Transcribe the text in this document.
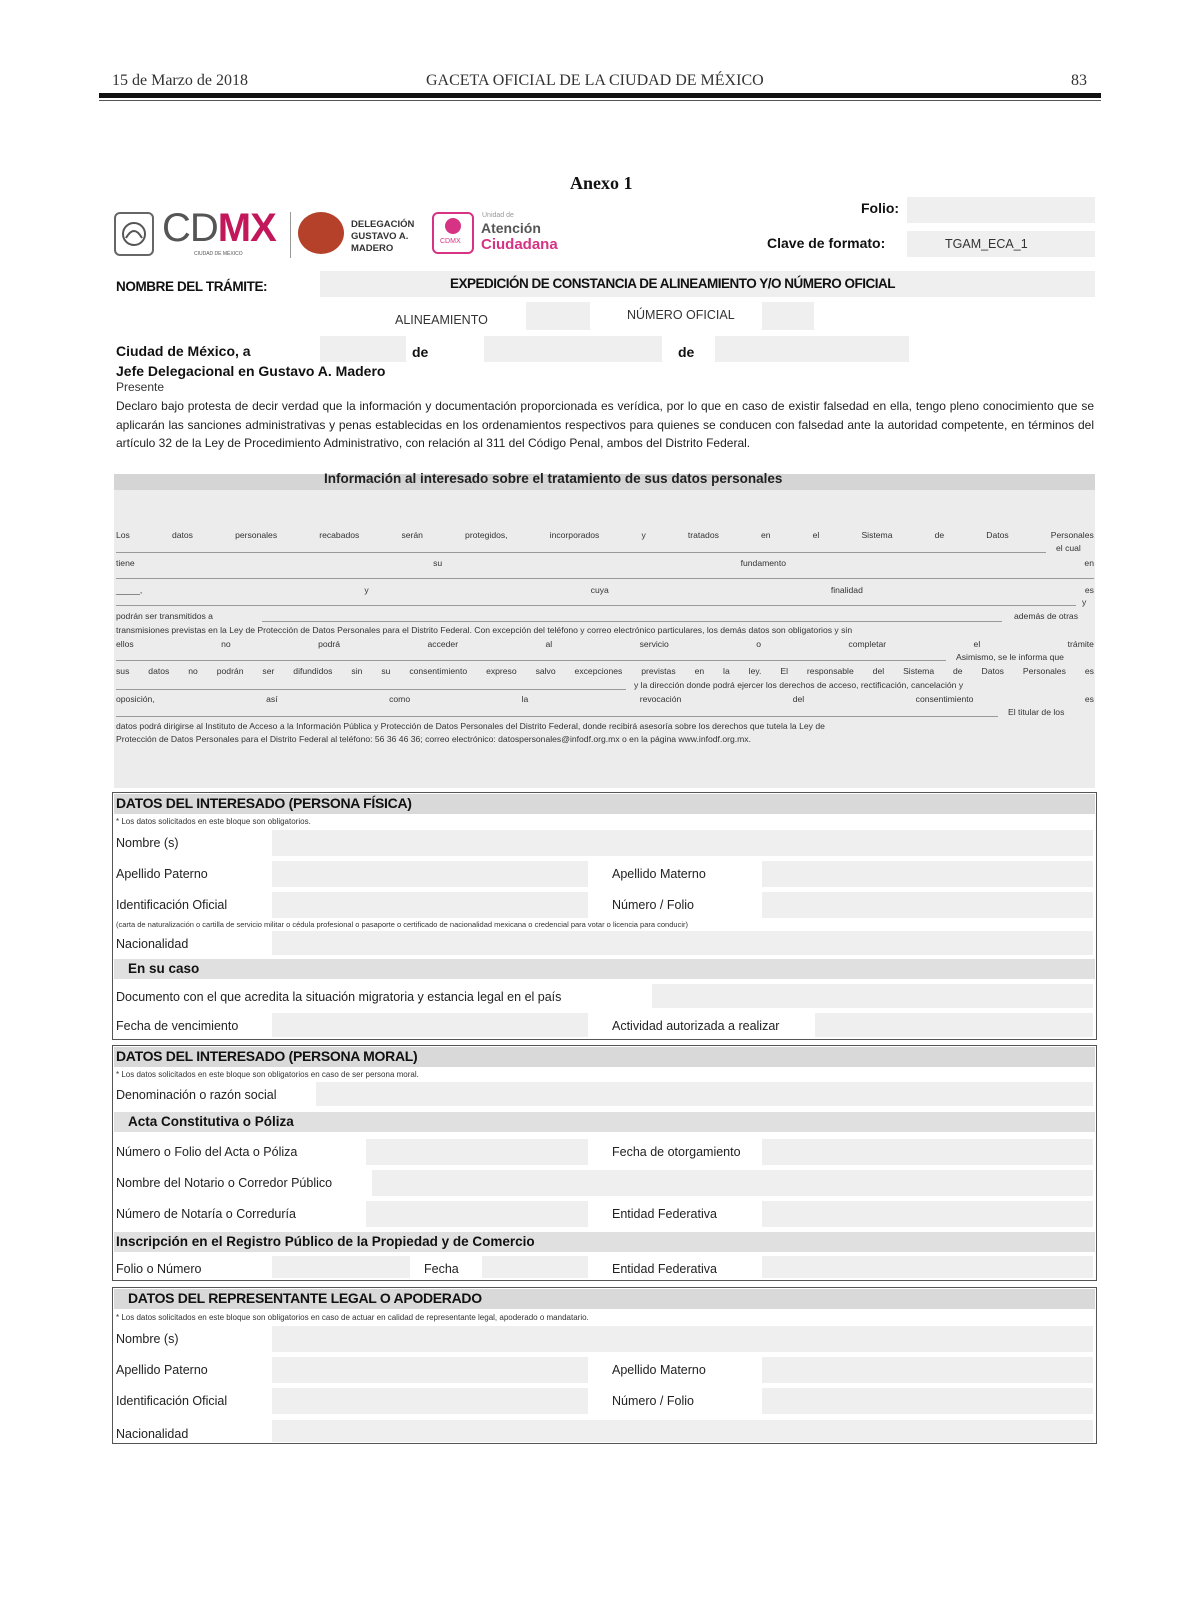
15 de Marzo de 2018	GACETA OFICIAL DE LA CIUDAD DE MÉXICO	83
Anexo 1
CDMX
CIUDAD DE MÉXICO
DELEGACIÓN
GUSTAVO A.
MADERO
CDMX
Unidad de
Atención
Ciudadana
Folio:
Clave de formato:	TGAM_ECA_1
NOMBRE DEL TRÁMITE:	EXPEDICIÓN DE CONSTANCIA DE ALINEAMIENTO Y/O NÚMERO OFICIAL
ALINEAMIENTO	NÚMERO OFICIAL
Ciudad de México, a	de	de
Jefe Delegacional en Gustavo A. Madero
Presente
Declaro bajo protesta de decir verdad que la información y documentación proporcionada es verídica, por lo que en caso de existir falsedad en ella, tengo pleno conocimiento que se aplicarán las sanciones administrativas y penas establecidas en los ordenamientos respectivos para quienes se conducen con falsedad ante la autoridad competente, en términos del artículo 32 de la Ley de Procedimiento Administrativo, con relación al 311 del Código Penal, ambos del Distrito Federal.
Información al interesado sobre el tratamiento de sus datos personales
Los	datos	personales	recabados	serán	protegidos,	incorporados	y	tratados	en	el	Sistema	de	Datos	Personales
el cual
tiene	su	fundamento	en
_____,	y	cuya	finalidad	es
y
podrán ser transmitidos a	además de otras
transmisiones previstas en la Ley de Protección de Datos Personales para el Distrito Federal. Con excepción del teléfono y correo electrónico particulares, los demás datos son obligatorios y sin
ellos	no	podrá	acceder	al	servicio	o	completar	el	trámite
Asimismo, se le informa que
sus datos no podrán ser difundidos sin su consentimiento expreso salvo excepciones previstas en la ley. El responsable del Sistema de Datos Personales es
y la dirección donde podrá ejercer los derechos de acceso, rectificación, cancelación y
oposición,	así	como	la	revocación	del	consentimiento	es
El titular de los
datos podrá dirigirse al Instituto de Acceso a la Información Pública y Protección de Datos Personales del Distrito Federal, donde recibirá asesoría sobre los derechos que tutela la Ley de
Protección de Datos Personales para el Distrito Federal al teléfono: 56 36 46 36; correo electrónico: datospersonales@infodf.org.mx o en la página www.infodf.org.mx.
DATOS DEL INTERESADO (PERSONA FÍSICA)
* Los datos solicitados en este bloque son obligatorios.
Nombre (s)
Apellido Paterno	Apellido Materno
Identificación Oficial	Número / Folio
(carta de naturalización o cartilla de servicio militar o cédula profesional o pasaporte o certificado de nacionalidad mexicana o credencial para votar o licencia para conducir)
Nacionalidad
En su caso
Documento con el que acredita la situación migratoria y estancia legal en el país
Fecha de vencimiento	Actividad autorizada a realizar
DATOS DEL INTERESADO (PERSONA MORAL)
* Los datos solicitados en este bloque son obligatorios en caso de ser persona moral.
Denominación o razón social
Acta Constitutiva o Póliza
Número o Folio del Acta o Póliza	Fecha de otorgamiento
Nombre del Notario o Corredor Público
Número de Notaría o Correduría	Entidad Federativa
Inscripción en el Registro Público de la Propiedad y de Comercio
Folio o Número	Fecha	Entidad Federativa
DATOS DEL REPRESENTANTE LEGAL O APODERADO
* Los datos solicitados en este bloque son obligatorios en caso de actuar en calidad de representante legal, apoderado o mandatario.
Nombre (s)
Apellido Paterno	Apellido Materno
Identificación Oficial	Número / Folio
Nacionalidad
